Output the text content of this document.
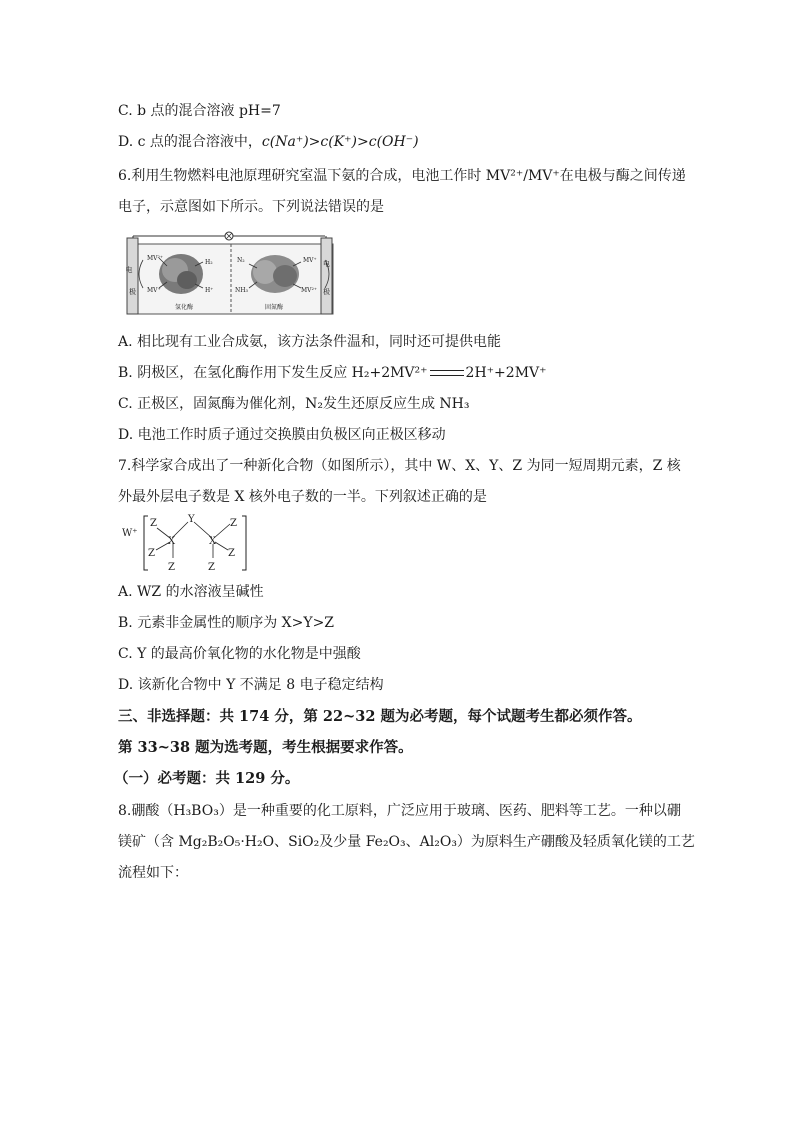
C. b 点的混合溶液 pH=7
D. c 点的混合溶液中，c(Na⁺)>c(K⁺)>c(OH⁻)
6.利用生物燃料电池原理研究室温下氨的合成，电池工作时 MV²⁺/MV⁺在电极与酶之间传递
电子，示意图如下所示。下列说法错误的是
电
极
电
极
MV²⁺
MV⁺
H₂
H⁺
氢化酶
N₂
NH₃
MV⁺
MV²⁺
固氮酶
A. 相比现有工业合成氨，该方法条件温和，同时还可提供电能
B. 阴极区，在氢化酶作用下发生反应 H₂+2MV²⁺	2H⁺+2MV⁺
C. 正极区，固氮酶为催化剂，N₂发生还原反应生成 NH₃
D. 电池工作时质子通过交换膜由负极区向正极区移动
7.科学家合成出了一种新化合物（如图所示），其中 W、X、Y、Z 为同一短周期元素，Z 核
外最外层电子数是 X 核外电子数的一半。下列叙述正确的是
W⁺
Z
X
Y
X
Z
Z
Z
Z
Z
A. WZ 的水溶液呈碱性
B. 元素非金属性的顺序为 X>Y>Z
C. Y 的最高价氧化物的水化物是中强酸
D. 该新化合物中 Y 不满足 8 电子稳定结构
三、非选择题：共 174 分，第 22~32 题为必考题，每个试题考生都必须作答。
第 33~38 题为选考题，考生根据要求作答。
（一）必考题：共 129 分。
8.硼酸（H₃BO₃）是一种重要的化工原料，广泛应用于玻璃、医药、肥料等工艺。一种以硼
镁矿（含 Mg₂B₂O₅·H₂O、SiO₂及少量 Fe₂O₃、Al₂O₃）为原料生产硼酸及轻质氧化镁的工艺
流程如下：
